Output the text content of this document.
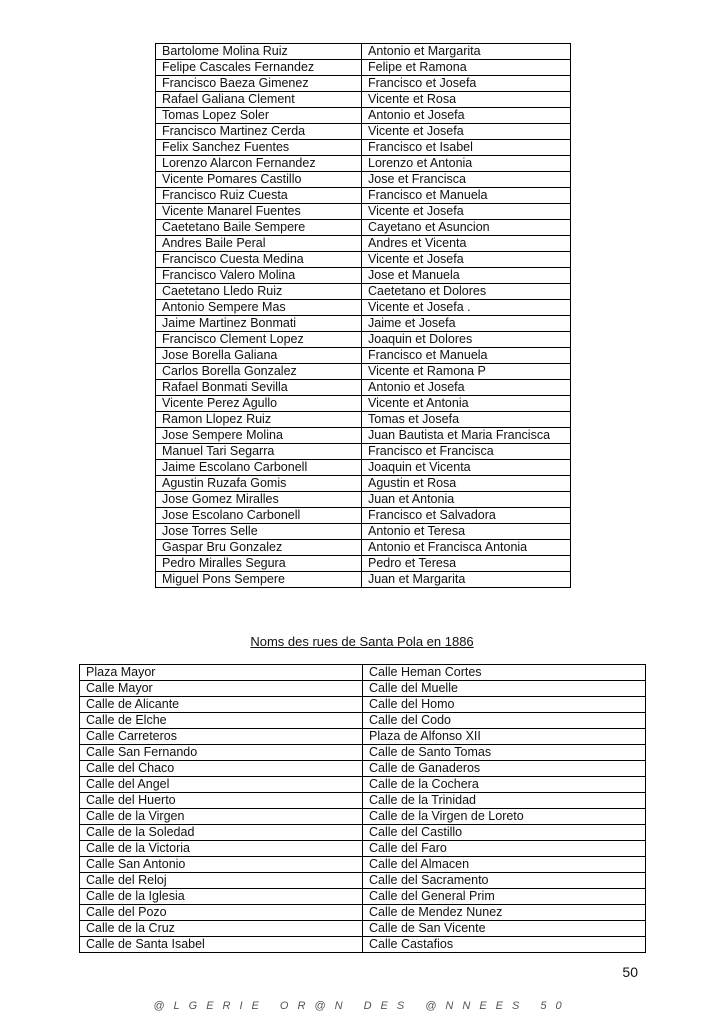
Bartolome Molina Ruiz	Antonio et Margarita
Felipe Cascales Fernandez	Felipe et Ramona
Francisco Baeza Gimenez	Francisco et Josefa
Rafael Galiana Clement	Vicente et Rosa
Tomas Lopez Soler	Antonio et Josefa
Francisco Martinez Cerda	Vicente et Josefa
Felix Sanchez Fuentes	Francisco et Isabel
Lorenzo Alarcon Fernandez	Lorenzo et Antonia
Vicente Pomares Castillo	Jose et Francisca
Francisco Ruiz Cuesta	Francisco et Manuela
Vicente Manarel Fuentes	Vicente et Josefa
Caetetano Baile Sempere	Cayetano et Asuncion
Andres Baile Peral	Andres et Vicenta
Francisco Cuesta Medina	Vicente et Josefa
Francisco Valero Molina	Jose et Manuela
Caetetano Lledo Ruiz	Caetetano et Dolores
Antonio Sempere Mas	Vicente et Josefa .
Jaime Martinez Bonmati	Jaime et Josefa
Francisco Clement Lopez	Joaquin et Dolores
Jose Borella Galiana	Francisco et Manuela
Carlos Borella Gonzalez	Vicente et Ramona P
Rafael Bonmati Sevilla	Antonio et Josefa
Vicente Perez Agullo	Vicente et Antonia
Ramon Llopez Ruiz	Tomas et Josefa
Jose Sempere Molina	Juan Bautista et Maria Francisca
Manuel Tari Segarra	Francisco et Francisca
Jaime Escolano Carbonell	Joaquin et Vicenta
Agustin Ruzafa Gomis	Agustin et Rosa
Jose Gomez Miralles	Juan et Antonia
Jose Escolano Carbonell	Francisco et Salvadora
Jose Torres Selle	Antonio et Teresa
Gaspar Bru Gonzalez	Antonio et Francisca Antonia
Pedro Miralles Segura	Pedro et Teresa
Miguel Pons Sempere	Juan et Margarita
Noms des rues de Santa Pola en 1886
Plaza Mayor	Calle Heman Cortes
Calle Mayor	Calle del Muelle
Calle de Alicante	Calle del Homo
Calle de Elche	Calle del Codo
Calle Carreteros	Plaza de Alfonso XII
Calle San Fernando	Calle de Santo Tomas
Calle del Chaco	Calle de Ganaderos
Calle del Angel	Calle de la Cochera
Calle del Huerto	Calle de la Trinidad
Calle de la Virgen	Calle de la Virgen de Loreto
Calle de la Soledad	Calle del Castillo
Calle de la Victoria	Calle del Faro
Calle San Antonio	Calle del Almacen
Calle del Reloj	Calle del Sacramento
Calle de la Iglesia	Calle del General Prim
Calle del Pozo	Calle de Mendez Nunez
Calle de la Cruz	Calle de San Vicente
Calle de Santa Isabel	Calle Castafios
50
@LGERIE OR@N DES @NNEES 50
